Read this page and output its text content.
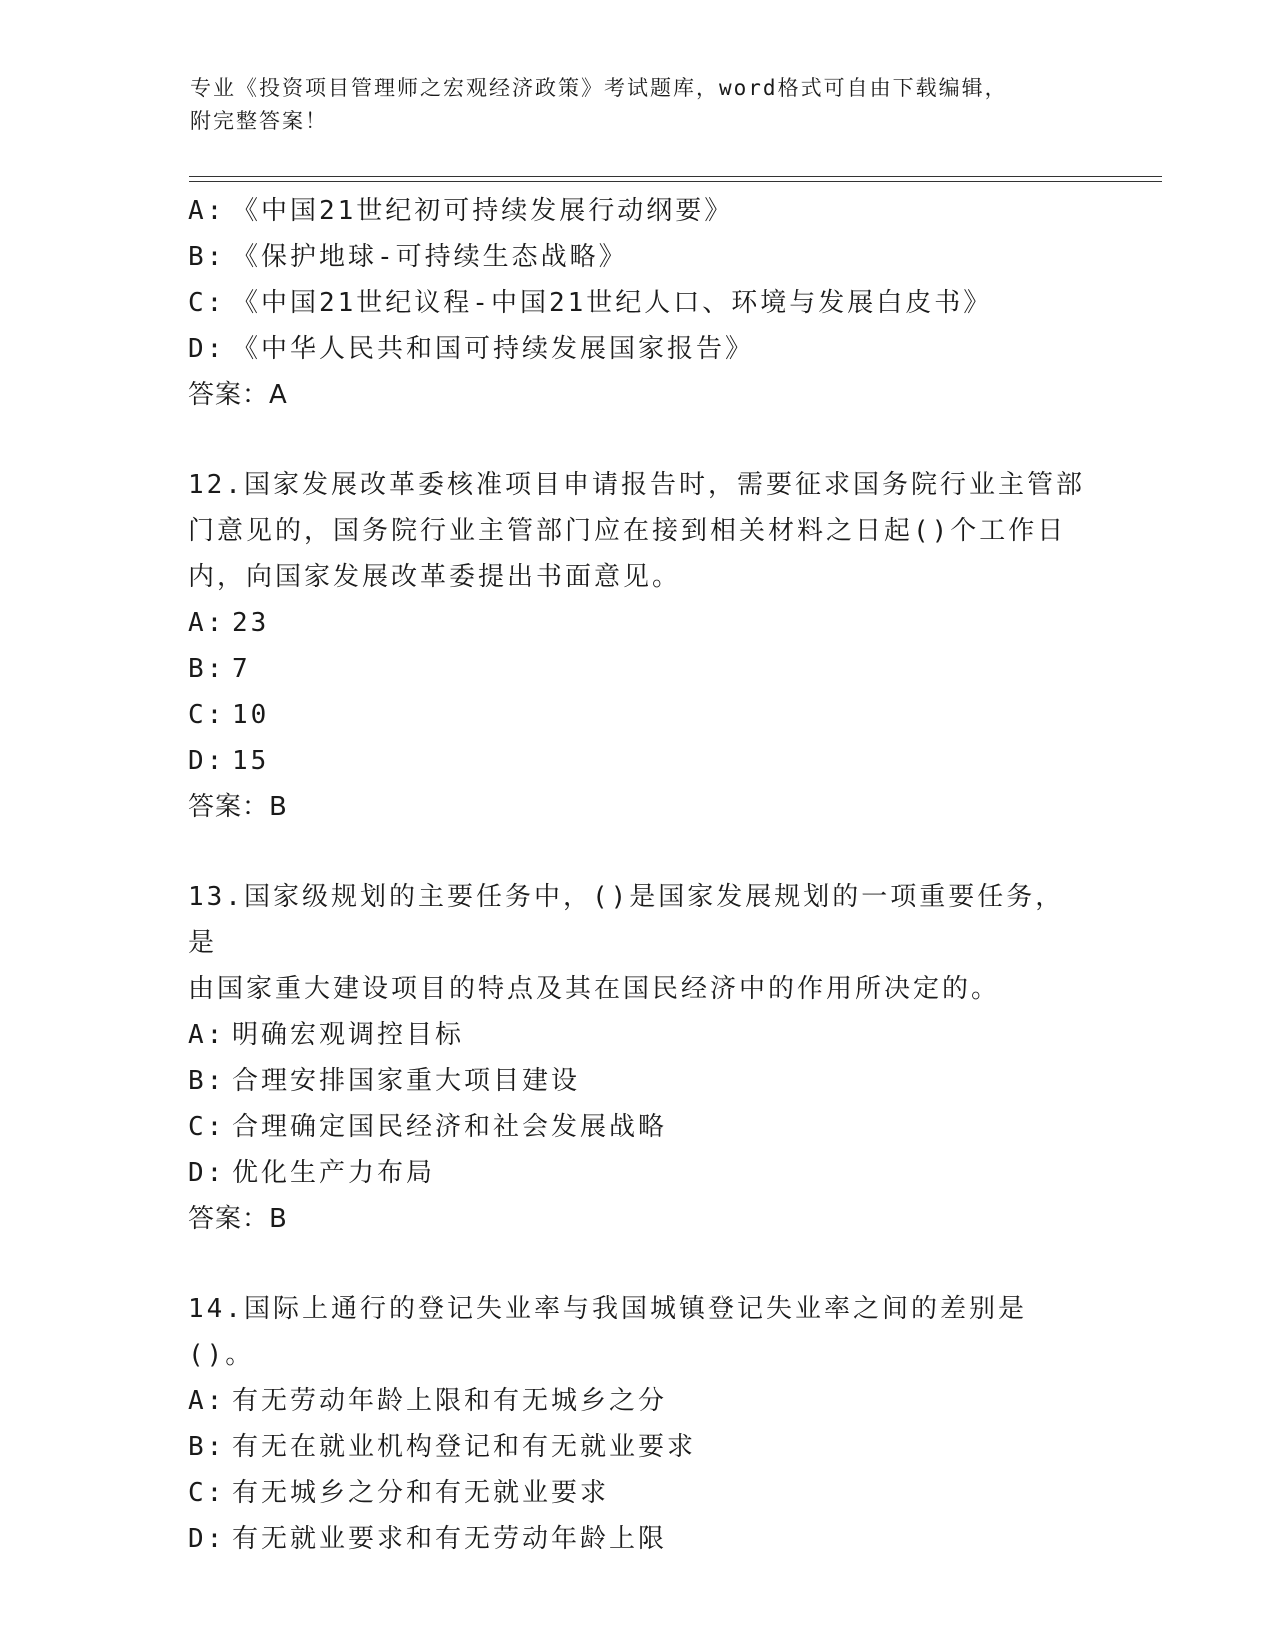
专业《投资项目管理师之宏观经济政策》考试题库，word格式可自由下载编辑，
附完整答案！
A: 《中国21世纪初可持续发展行动纲要》
B: 《保护地球-可持续生态战略》
C: 《中国21世纪议程-中国21世纪人口、环境与发展白皮书》
D: 《中华人民共和国可持续发展国家报告》
答案：A
12.国家发展改革委核准项目申请报告时，需要征求国务院行业主管部
门意见的，国务院行业主管部门应在接到相关材料之日起()个工作日
内，向国家发展改革委提出书面意见。
A: 23
B: 7
C: 10
D: 15
答案：B
13.国家级规划的主要任务中，()是国家发展规划的一项重要任务，是
由国家重大建设项目的特点及其在国民经济中的作用所决定的。
A: 明确宏观调控目标
B: 合理安排国家重大项目建设
C: 合理确定国民经济和社会发展战略
D: 优化生产力布局
答案：B
14.国际上通行的登记失业率与我国城镇登记失业率之间的差别是()。
A: 有无劳动年龄上限和有无城乡之分
B: 有无在就业机构登记和有无就业要求
C: 有无城乡之分和有无就业要求
D: 有无就业要求和有无劳动年龄上限
